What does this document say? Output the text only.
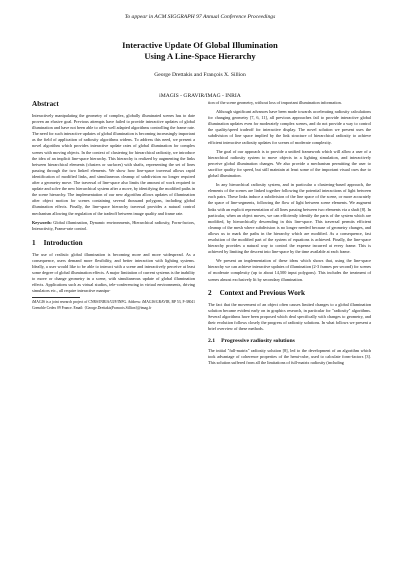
To appear in ACM SIGGRAPH 97 Annual Conference Proceedings
Interactive Update Of Global Illumination
Using A Line-Space Hierarchy
George Drettakis and François X. Sillion
iMAGIS - GRAVIR/IMAG - INRIA
Abstract

Interactively manipulating the geometry of complex, globally illuminated scenes has to date proven an elusive goal. Previous attempts have failed to provide interactive updates of global illumination and have not been able to offer well adapted algorithms controlling the frame rate. The need for such interactive updates of global illumination is becoming increasingly important as the field of application of radiosity algorithms widens. To address this need, we present a novel algorithm which provides interactive update rates of global illumination for complex scenes with moving objects. In the context of clustering for hierarchical radiosity, we introduce the idea of an implicit line-space hierarchy. This hierarchy is realized by augmenting the links between hierarchical elements (clusters or surfaces) with shafts, representing the set of lines passing through the two linked elements. We show how line-space traversal allows rapid identification of modified links, and simultaneous cleanup of subdivision no longer required after a geometry move. The traversal of line-space also limits the amount of work required to update and solve the new hierarchical system after a move, by identifying the modified paths in the scene hierarchy. The implementation of our new algorithm allows updates of illumination after object motion for scenes containing several thousand polygons, including global illumination effects. Finally, the line-space hierarchy traversal provides a natural control mechanism allowing the regulation of the tradeoff between image quality and frame rate.

Keywords: Global illumination, Dynamic environments, Hierarchical radiosity, Form-factors, Interactivity, Frame-rate control.

1 Introduction

The use of realistic global illumination is becoming more and more widespread. As a consequence, users demand more flexibility, and better interaction with lighting systems. Ideally, a user would like to be able to interact with a scene and interactively perceive at least some degree of global illumination effects. A major limitation of current systems is the inability to move or change geometry in a scene, with simultaneous update of global illumination effects. Applications such as virtual studios, tele-conferencing in virtual environments, driving simulators etc., all require interactive manipu-

iMAGIS is a joint research project of CNRS/INRIA/UJF/INPG. Address: iMAGIS/GRAVIR, BP 53, F-38041 Grenoble Cedex 09 France. Email: {George.Drettakis|Francois.Sillion}@imag.fr

tion of the scene geometry, without loss of important illumination information.

Although significant advances have been made towards accelerating radiosity calculations for changing geometry [7, 6, 11], all previous approaches fail to provide interactive global illumination updates even for moderately complex scenes, and do not provide a way to control the quality/speed tradeoff for interactive display. The novel solution we present uses the subdivision of line space implied by the link structure of hierarchical radiosity to achieve efficient interactive radiosity updates for scenes of moderate complexity.

The goal of our approach is to provide a unified framework which will allow a user of a hierarchical radiosity system to move objects in a lighting simulation, and interactively perceive global illumination changes. We also provide a mechanism permitting the user to sacrifice quality for speed, but still maintain at least some of the important visual cues due to global illumination.

In any hierarchical radiosity system, and in particular a clustering-based approach, the elements of the scenes are linked together following the potential interactions of light between each pairs. These links induce a subdivision of the line space of the scene, or more accurately the space of line-segments, following the flow of light between scene elements. We augment links with an explicit representation of all lines passing between two elements via a shaft [8]. In particular, when an object moves, we can efficiently identify the parts of the system which are modified, by hierarchically descending in this line-space. This traversal permits efficient cleanup of the mesh where subdivision is no longer needed because of geometry changes, and allows us to mark the paths in the hierarchy which are modified. As a consequence, fast resolution of the modified part of the system of equations is achieved. Finally, the line-space hierarchy provides a natural way to control the expense incurred at every frame. This is achieved by limiting the descent into line-space by the time available at each frame.

We present an implementation of these ideas which shows that, using the line-space hierarchy we can achieve interactive updates of illumination (2-3 frames per second) for scenes of moderate complexity (up to about 14,500 input polygons). This includes the treatment of scenes almost exclusively lit by secondary illumination.

2 Context and Previous Work

The fact that the movement of an object often causes limited changes to a global illumination solution became evident early on in graphics research, in particular for "radiosity" algorithms. Several algorithms have been proposed which deal specifically with changes to geometry, and their evolution follows closely the progress of radiosity solutions. In what follows we present a brief overview of these methods.

2.1 Progressive radiosity solutions

The initial "full-matrix" radiosity solution [8], led to the development of an algorithm which took advantage of coherence properties of the hemi-cube, used to calculate form-factors [3]. This solution suffered from all the limitations of full-matrix radiosity (including
